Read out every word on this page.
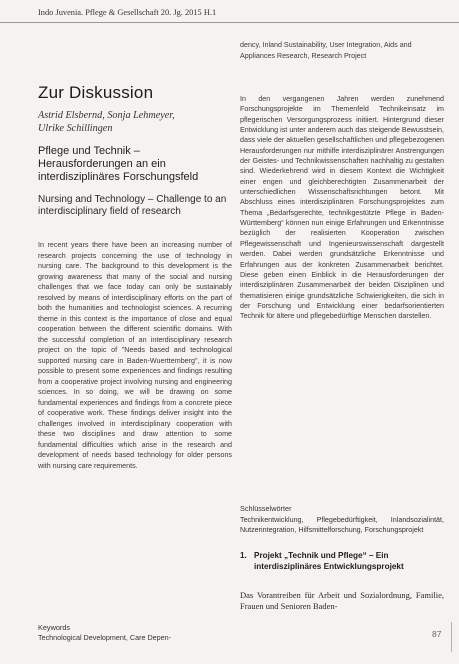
Indo Juvenia. Pflege & Gesellschaft 20. Jg. 2015 H.1
Zur Diskussion
Astrid Elsbernd, Sonja Lehmeyer,
Ulrike Schillingen
Pflege und Technik – Herausforderungen an ein interdisziplinäres Forschungsfeld
Nursing and Technology – Challenge to an interdisciplinary field of research
In recent years there have been an increasing number of research projects concerning the use of technology in nursing care. The background to this development is the growing awareness that many of the social and nursing challenges that we face today can only be sustainably resolved by means of interdisciplinary efforts on the part of both the humanities and technologist sciences. A recurring theme in this context is the importance of close and equal cooperation between the different scientific domains. With the successful completion of an interdisciplinary research project on the topic of "Needs based and technological supported nursing care in Baden-Wuerttemberg", it is now possible to present some experiences and findings resulting from a cooperative project involving nursing and engineering sciences. In so doing, we will be drawing on some fundamental experiences and findings from a concrete piece of cooperative work. These findings deliver insight into the challenges involved in interdisciplinary cooperation with these two disciplines and draw attention to some fundamental difficulties which arise in the research and development of needs based technology for older persons with nursing care requirements.
Keywords
Technological Development, Care Depen-
dency, Inland Sustainability, User Integration, Aids and Appliances Research, Research Project
In den vergangenen Jahren werden zunehmend Forschungsprojekte im Themenfeld Technikeinsatz im pflegerischen Versorgungsprozess initiiert. Hintergrund dieser Entwicklung ist unter anderem auch das steigende Bewusstsein, dass viele der aktuellen gesellschaftlichen und pflegebezogenen Herausforderungen nur mithilfe interdisziplinärer Anstrengungen der Geistes- und Technikwissenschaften nachhaltig zu gestalten sind. Wiederkehrend wird in diesem Kontext die Wichtigkeit einer engen und gleichberechtigten Zusammenarbeit der unterschiedlichen Wissenschaftsrichtungen betont. Mit Abschluss eines interdisziplinären Forschungsprojektes zum Thema „Bedarfsgerechte, technikgestützte Pflege in Baden-Württemberg“ können nun einige Erfahrungen und Erkenntnisse bezüglich der realisierten Kooperation zwischen Pflegewissenschaft und Ingenieurswissenschaft dargestellt werden. Dabei werden grundsätzliche Erkenntnisse und Erfahrungen aus der konkreten Zusammenarbeit berichtet. Diese geben einen Einblick in die Herausforderungen der interdisziplinären Zusammenarbeit der beiden Disziplinen und thematisieren einige grundsätzliche Schwierigkeiten, die sich in der Forschung und Entwicklung einer bedarfsorientierten Technik für ältere und pflegebedürftige Menschen darstellen.
Schlüsselwörter
Technikentwicklung, Pflegebedürftigkeit, Inlandsozialintät, Nutzerintegration, Hilfsmittelforschung, Forschungsprojekt
1. Projekt „Technik und Pflege“ – Ein interdisziplinäres Entwicklungsprojekt
Das Vorantreiben für Arbeit und Sozialordnung, Familie, Frauen und Senioren Baden-
87
